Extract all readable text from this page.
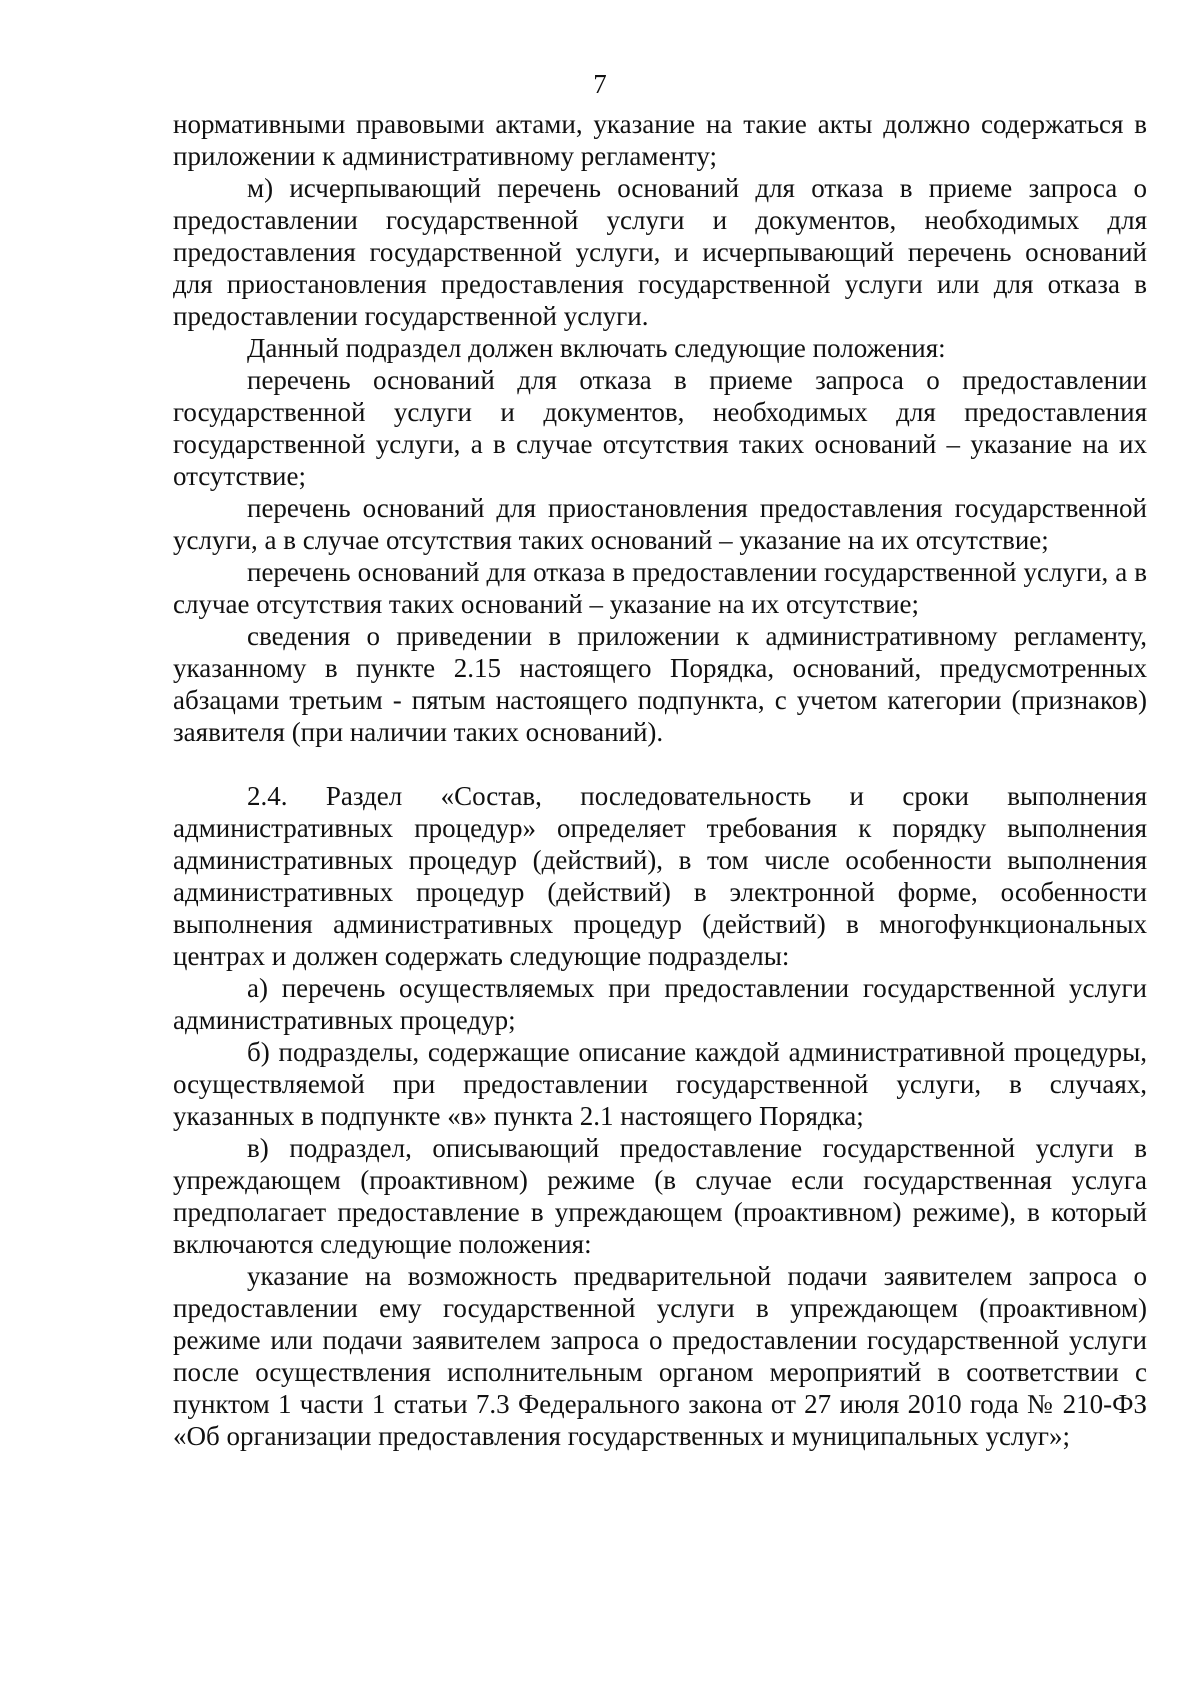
7

нормативными правовыми актами, указание на такие акты должно содержаться в приложении к административному регламенту;

м) исчерпывающий перечень оснований для отказа в приеме запроса о предоставлении государственной услуги и документов, необходимых для предоставления государственной услуги, и исчерпывающий перечень оснований для приостановления предоставления государственной услуги или для отказа в предоставлении государственной услуги.

Данный подраздел должен включать следующие положения:

перечень оснований для отказа в приеме запроса о предоставлении государственной услуги и документов, необходимых для предоставления государственной услуги, а в случае отсутствия таких оснований – указание на их отсутствие;

перечень оснований для приостановления предоставления государственной услуги, а в случае отсутствия таких оснований – указание на их отсутствие;

перечень оснований для отказа в предоставлении государственной услуги, а в случае отсутствия таких оснований – указание на их отсутствие;

сведения о приведении в приложении к административному регламенту, указанному в пункте 2.15 настоящего Порядка, оснований, предусмотренных абзацами третьим - пятым настоящего подпункта, с учетом категории (признаков) заявителя (при наличии таких оснований).

2.4. Раздел «Состав, последовательность и сроки выполнения административных процедур» определяет требования к порядку выполнения административных процедур (действий), в том числе особенности выполнения административных процедур (действий) в электронной форме, особенности выполнения административных процедур (действий) в многофункциональных центрах и должен содержать следующие подразделы:

а) перечень осуществляемых при предоставлении государственной услуги административных процедур;

б) подразделы, содержащие описание каждой административной процедуры, осуществляемой при предоставлении государственной услуги, в случаях, указанных в подпункте «в» пункта 2.1 настоящего Порядка;

в) подраздел, описывающий предоставление государственной услуги в упреждающем (проактивном) режиме (в случае если государственная услуга предполагает предоставление в упреждающем (проактивном) режиме), в который включаются следующие положения:

указание на возможность предварительной подачи заявителем запроса о предоставлении ему государственной услуги в упреждающем (проактивном) режиме или подачи заявителем запроса о предоставлении государственной услуги после осуществления исполнительным органом мероприятий в соответствии с пунктом 1 части 1 статьи 7.3 Федерального закона от 27 июля 2010 года № 210-ФЗ «Об организации предоставления государственных и муниципальных услуг»;
